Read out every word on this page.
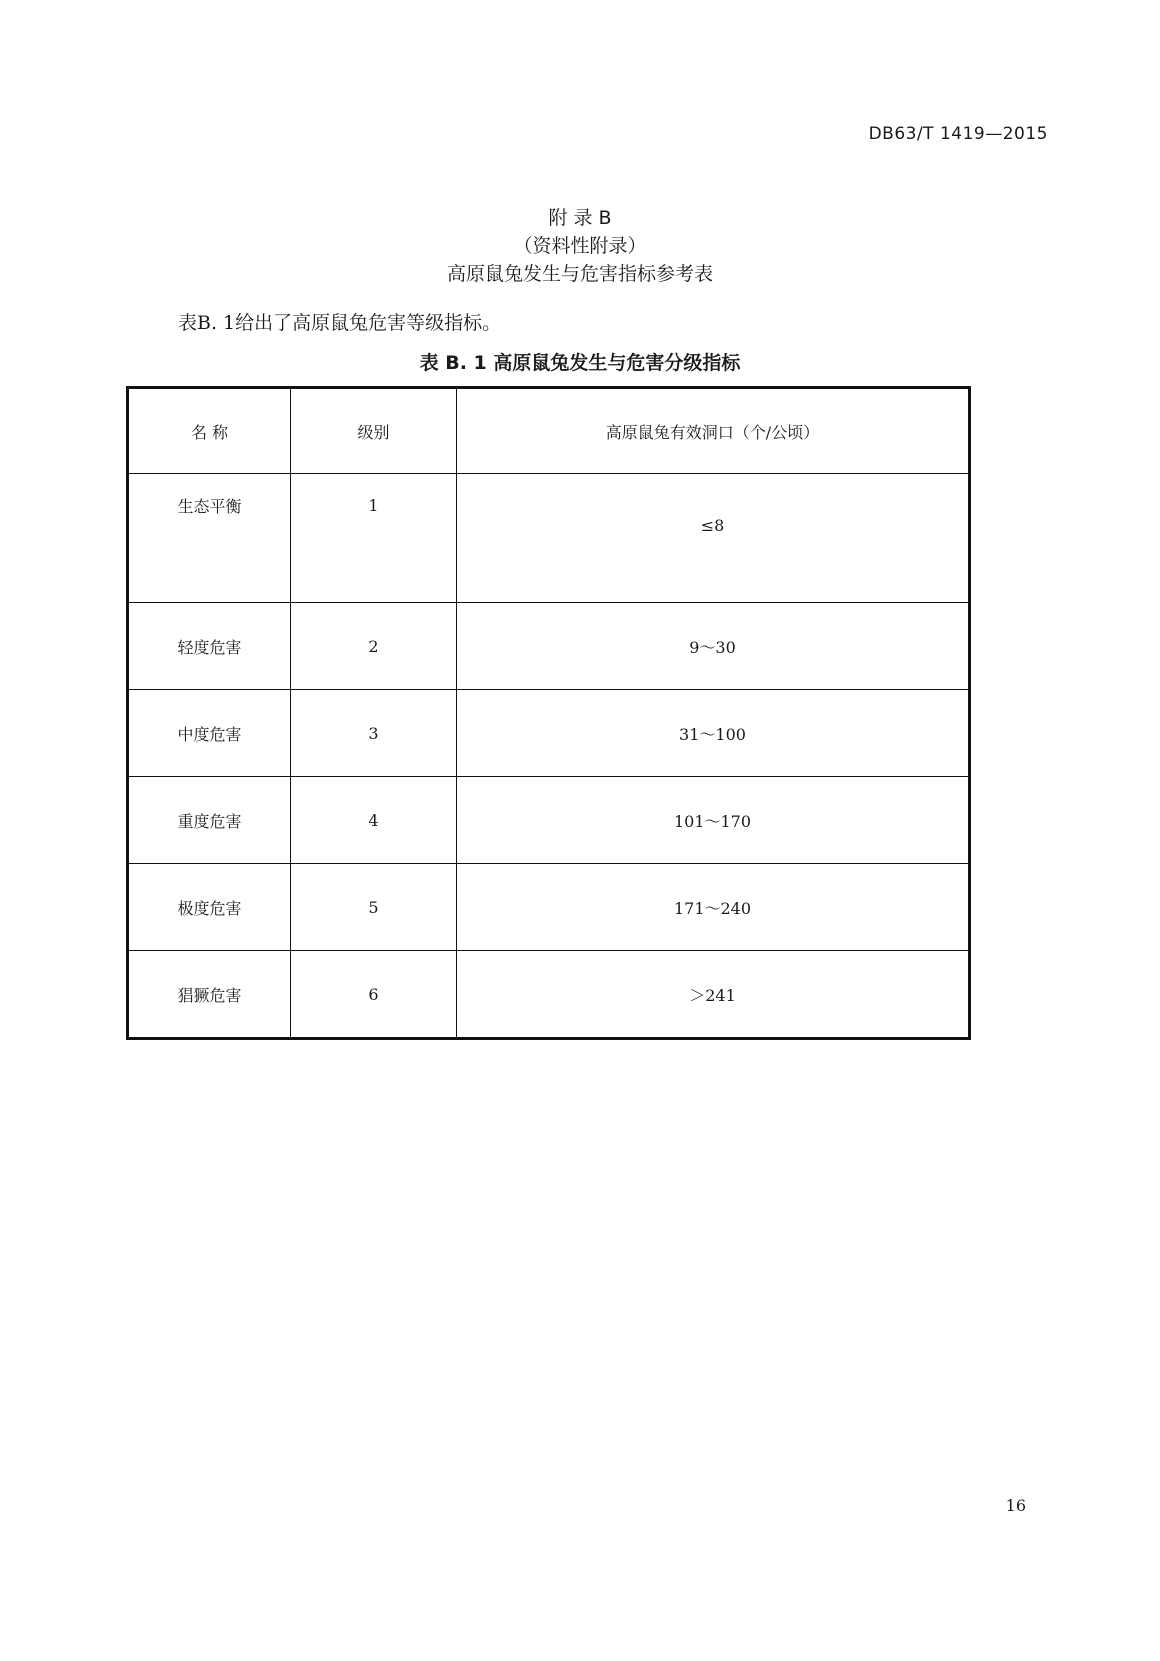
DB63/T 1419—2015
附 录 B
（资料性附录）
高原鼠兔发生与危害指标参考表
表B. 1给出了高原鼠兔危害等级指标。
表 B. 1 高原鼠兔发生与危害分级指标
名 称	级别	高原鼠兔有效洞口（个/公顷）
生态平衡	1	≤8
轻度危害	2	9～30
中度危害	3	31～100
重度危害	4	101～170
极度危害	5	171～240
猖獗危害	6	＞241
16
